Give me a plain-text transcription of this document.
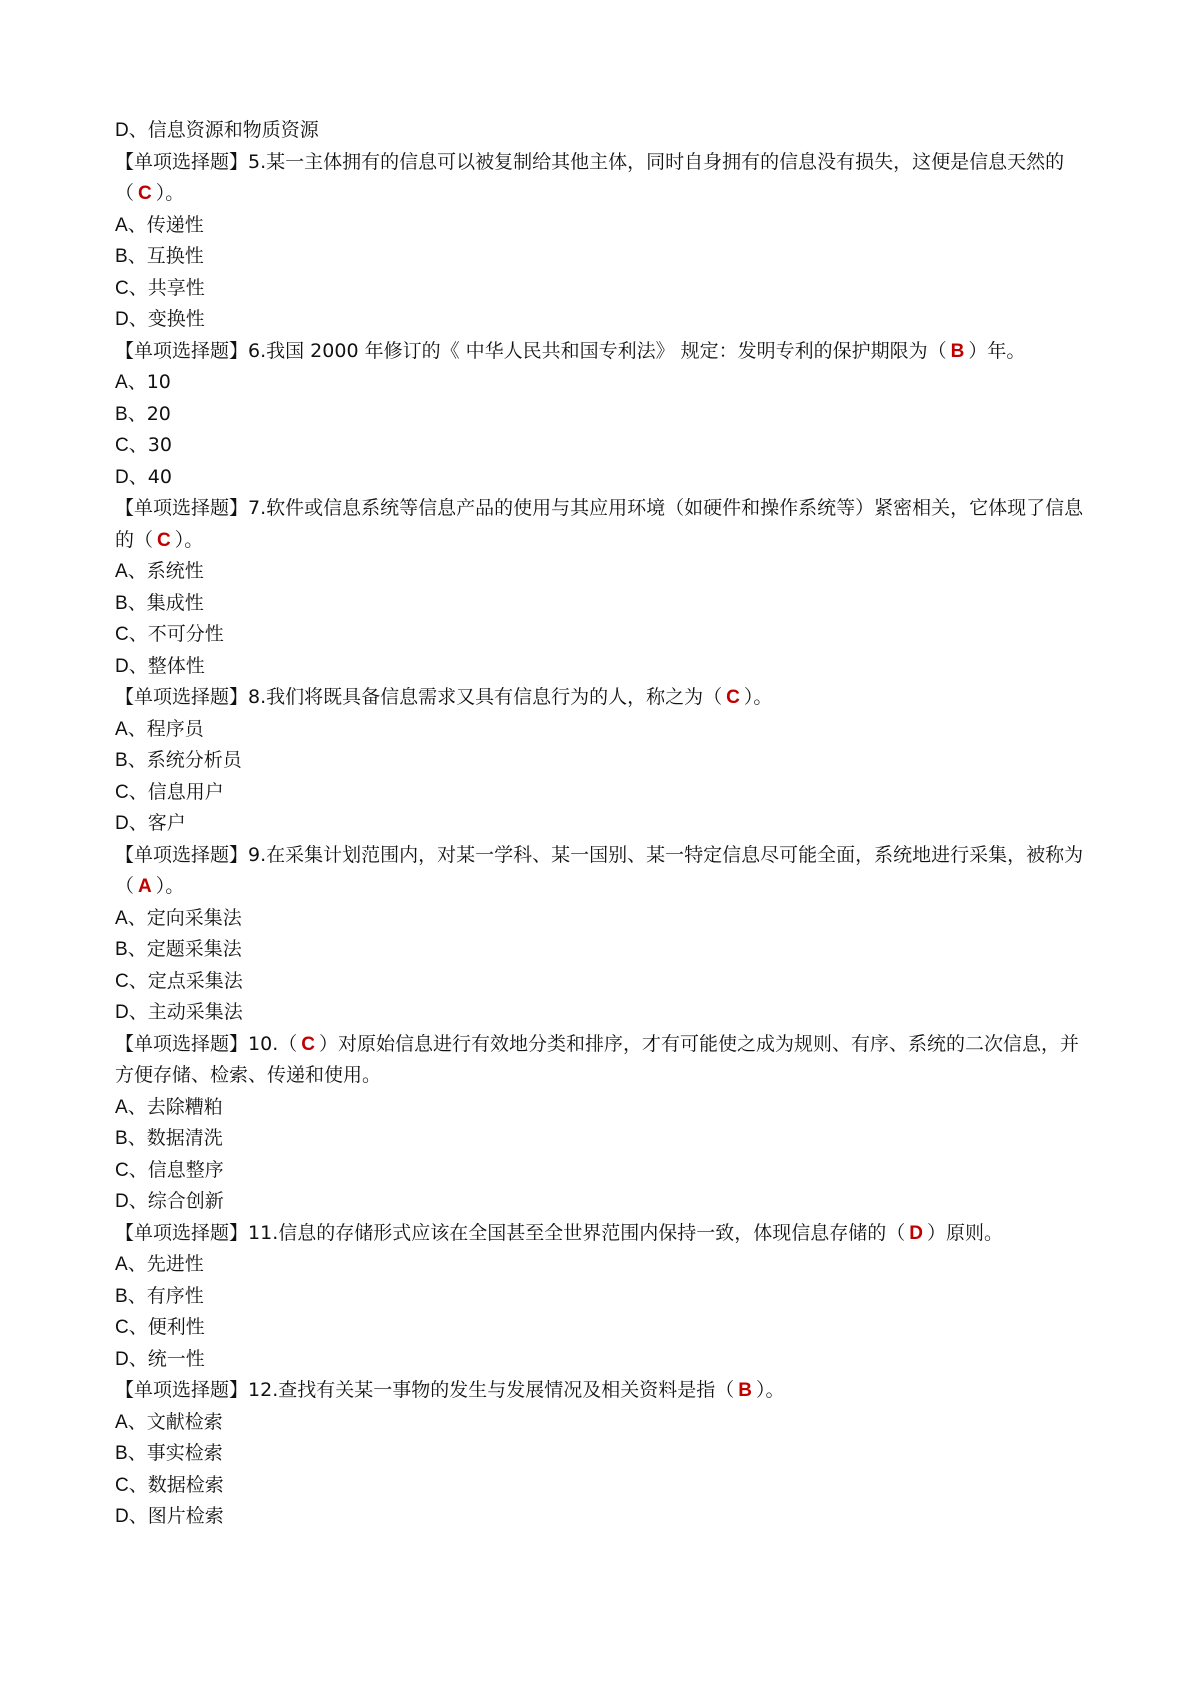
D、信息资源和物质资源
【单项选择题】5.某一主体拥有的信息可以被复制给其他主体，同时自身拥有的信息没有损失，这便是信息天然的（ C ）。
A、传递性
B、互换性
C、共享性
D、变换性
【单项选择题】6.我国 2000 年修订的《 中华人民共和国专利法》 规定：发明专利的保护期限为（ B ）年。
A、10
B、20
C、30
D、40
【单项选择题】7.软件或信息系统等信息产品的使用与其应用环境（如硬件和操作系统等）紧密相关，它体现了信息的（ C ）。
A、系统性
B、集成性
C、不可分性
D、整体性
【单项选择题】8.我们将既具备信息需求又具有信息行为的人，称之为（ C ）。
A、程序员
B、系统分析员
C、信息用户
D、客户
【单项选择题】9.在采集计划范围内，对某一学科、某一国别、某一特定信息尽可能全面，系统地进行采集，被称为（ A ）。
A、定向采集法
B、定题采集法
C、定点采集法
D、主动采集法
【单项选择题】10.（ C ）对原始信息进行有效地分类和排序，才有可能使之成为规则、有序、系统的二次信息，并方便存储、检索、传递和使用。
A、去除糟粕
B、数据清洗
C、信息整序
D、综合创新
【单项选择题】11.信息的存储形式应该在全国甚至全世界范围内保持一致，体现信息存储的（ D ）原则。
A、先进性
B、有序性
C、便利性
D、统一性
【单项选择题】12.查找有关某一事物的发生与发展情况及相关资料是指（ B ）。
A、文献检索
B、事实检索
C、数据检索
D、图片检索
